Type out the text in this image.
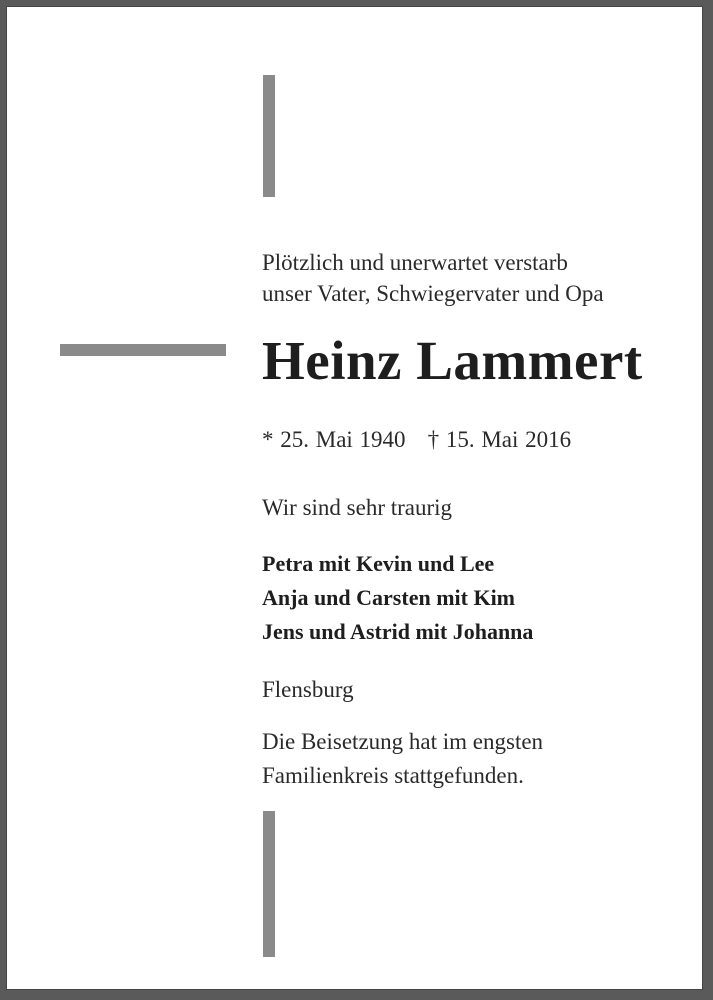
Plötzlich und unerwartet verstarb
unser Vater, Schwiegervater und Opa
Heinz Lammert
* 25. Mai 1940 † 15. Mai 2016
Wir sind sehr traurig
Petra mit Kevin und Lee
Anja und Carsten mit Kim
Jens und Astrid mit Johanna
Flensburg
Die Beisetzung hat im engsten
Familienkreis stattgefunden.
